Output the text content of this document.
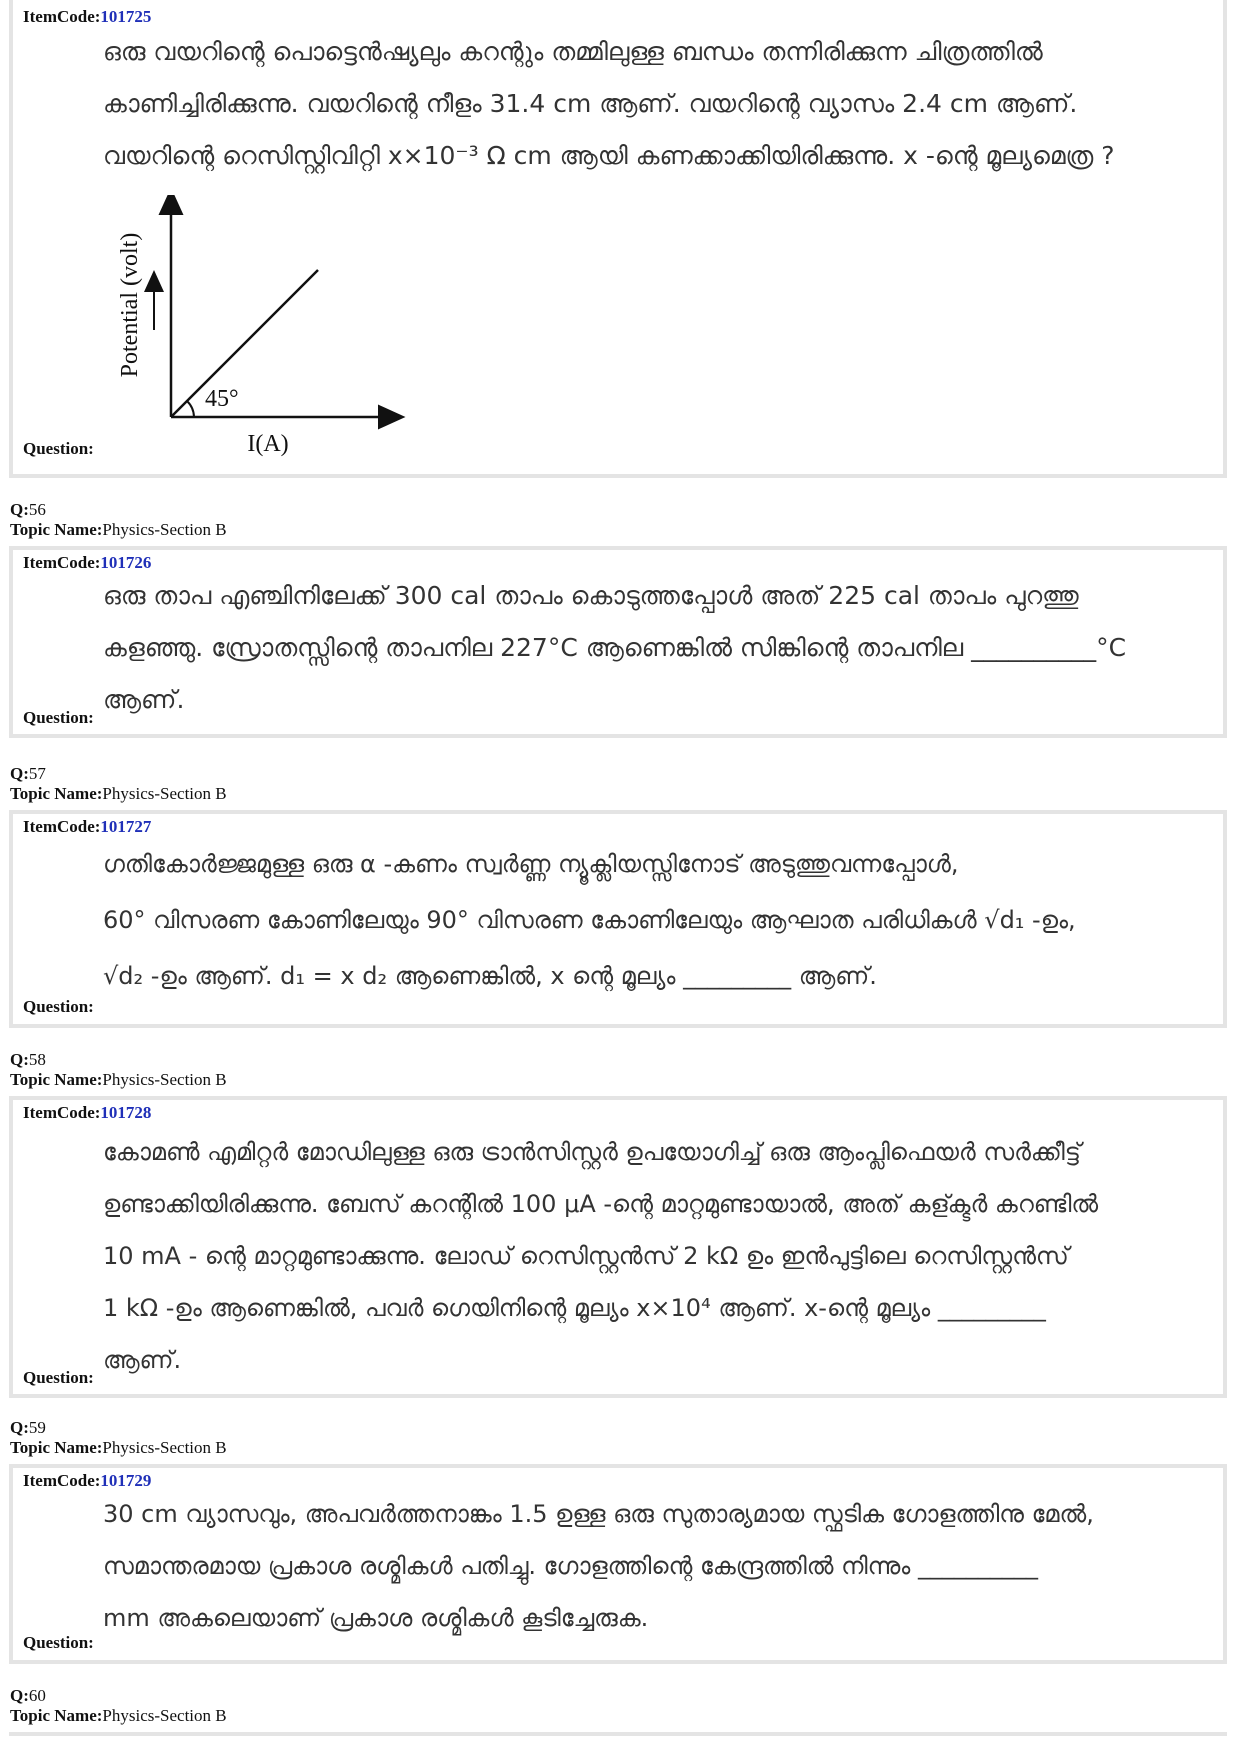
ItemCode:101725
ഒരു വയറിന്റെ പൊട്ടെൻഷ്യലും കറന്റും തമ്മിലുള്ള ബന്ധം തന്നിരിക്കുന്ന ചിത്രത്തിൽ
കാണിച്ചിരിക്കുന്നു. വയറിന്റെ നീളം 31.4 cm ആണ്. വയറിന്റെ വ്യാസം 2.4 cm ആണ്.
വയറിന്റെ റെസിസ്റ്റിവിറ്റി x×10⁻³ Ω cm ആയി കണക്കാക്കിയിരിക്കുന്നു. x -ന്റെ മൂല്യമെത്ര ?
45°
I(A)
Potential (volt)
Question:
Q:56
Topic Name:Physics-Section B
ItemCode:101726
ഒരു താപ എഞ്ചിനിലേക്ക് 300 cal താപം കൊടുത്തപ്പോൾ അത് 225 cal താപം പുറത്തു
കളഞ്ഞു. സ്രോതസ്സിന്റെ താപനില 227°C ആണെങ്കിൽ സിങ്കിന്റെ താപനില __________°C
ആണ്.
Question:
Q:57
Topic Name:Physics-Section B
ItemCode:101727
ഗതികോർജ്ജമുള്ള ഒരു α -കണം സ്വർണ്ണ ന്യൂക്ലിയസ്സിനോട് അടുത്തുവന്നപ്പോൾ,
60° വിസരണ കോണിലേയും 90° വിസരണ കോണിലേയും ആഘാത പരിധികൾ √d₁ -ഉം,
√d₂ -ഉം ആണ്. d₁ = x d₂ ആണെങ്കിൽ, x ന്റെ മൂല്യം _________ ആണ്.
Question:
Q:58
Topic Name:Physics-Section B
ItemCode:101728
കോമൺ എമിറ്റർ മോഡിലുള്ള ഒരു ട്രാൻസിസ്റ്റർ ഉപയോഗിച്ച് ഒരു ആംപ്ലിഫെയർ സർക്കീട്ട്
ഉണ്ടാക്കിയിരിക്കുന്നു. ബേസ് കറന്റിൽ 100 μA -ന്റെ മാറ്റമുണ്ടായാൽ, അത് കള്ക്ടർ കറണ്ടിൽ
10 mA - ന്റെ മാറ്റമുണ്ടാക്കുന്നു. ലോഡ് റെസിസ്റ്റൻസ് 2 kΩ ഉം ഇൻപുട്ടിലെ റെസിസ്റ്റൻസ്
1 kΩ -ഉം ആണെങ്കിൽ, പവർ ഗെയിനിന്റെ മൂല്യം x×10⁴ ആണ്. x-ന്റെ മൂല്യം _________
ആണ്.
Question:
Q:59
Topic Name:Physics-Section B
ItemCode:101729
30 cm വ്യാസവും, അപവർത്തനാങ്കം 1.5 ഉള്ള ഒരു സുതാര്യമായ സ്ഫടിക ഗോളത്തിനു മേൽ,
സമാന്തരമായ പ്രകാശ രശ്മികൾ പതിച്ചു. ഗോളത്തിന്റെ കേന്ദ്രത്തിൽ നിന്നും __________
mm അകലെയാണ് പ്രകാശ രശ്മികൾ കൂടിച്ചേരുക.
Question:
Q:60
Topic Name:Physics-Section B
